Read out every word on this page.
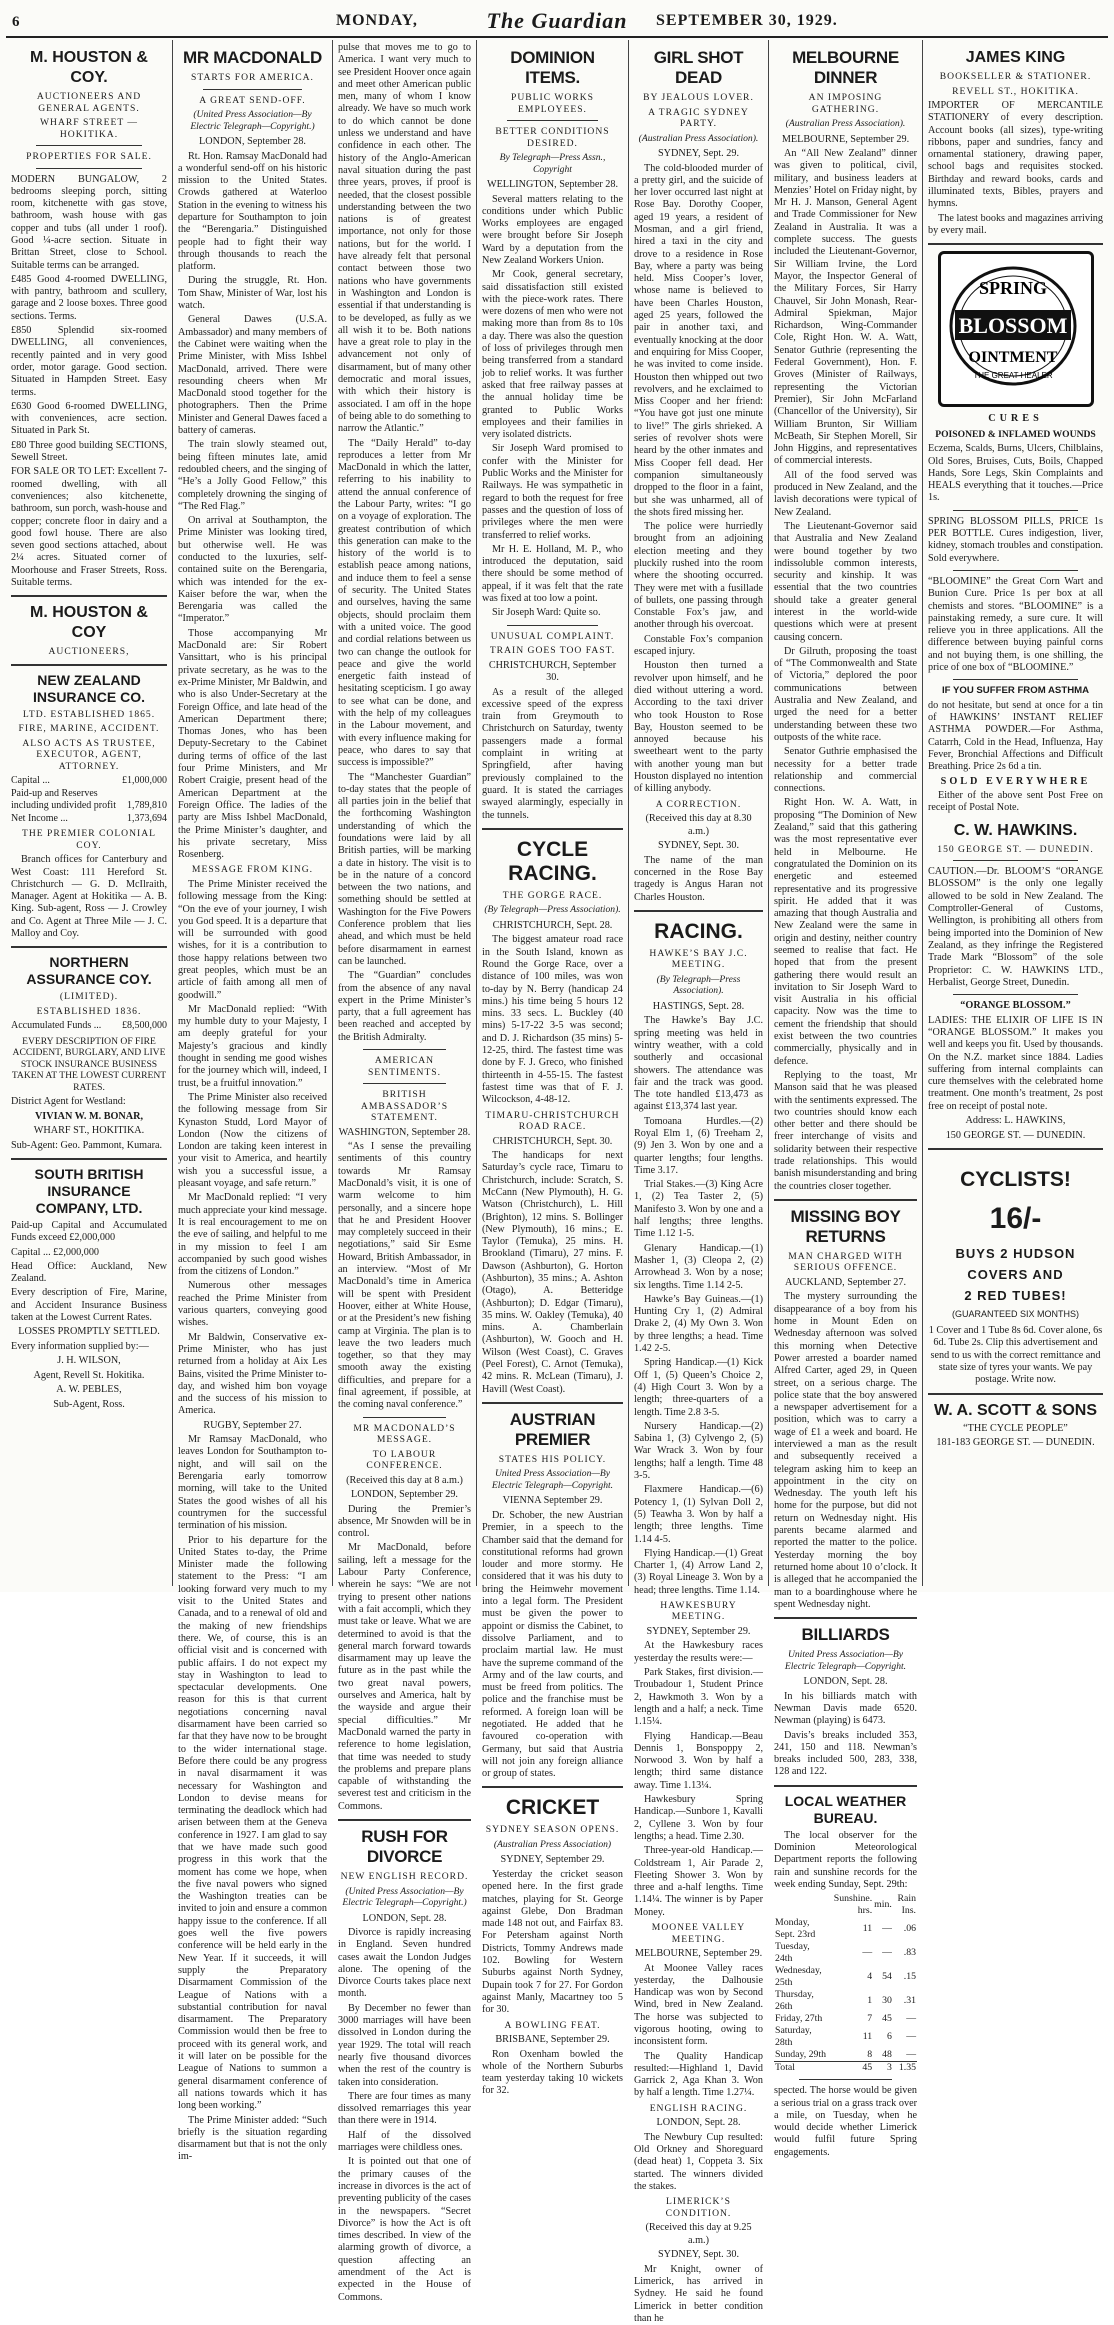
6	MONDAY,	The Guardian	SEPTEMBER 30, 1929.
M. HOUSTON & COY.
AUCTIONEERS AND GENERAL AGENTS.
WHARF STREET — HOKITIKA.
PROPERTIES FOR SALE.

MODERN BUNGALOW, 2 bedrooms sleeping porch, sitting room, kitchenette with gas stove, bathroom, wash house with gas copper and tubs (all under 1 roof). Good ¼-acre section. Situate in Brittan Street, close to School. Suitable terms can be arranged.

£485 Good 4-roomed DWELLING, with pantry, bathroom and scullery, garage and 2 loose boxes. Three good sections. Terms.

£850 Splendid six-roomed DWELLING, all conveniences, recently painted and in very good order, motor garage. Good section. Situated in Hampden Street. Easy terms.

£630 Good 6-roomed DWELLING, with conveniences, acre section. Situated in Park St.

£80 Three good building SECTIONS, Sewell Street.

FOR SALE OR TO LET: Excellent 7-roomed dwelling, with all conveniences; also kitchenette, bathroom, sun porch, wash-house and copper; concrete floor in dairy and a good fowl house. There are also seven good sections attached, about 2¼ acres. Situated corner of Moorhouse and Fraser Streets, Ross. Suitable terms.

M. HOUSTON & COY
AUCTIONEERS,
NEW ZEALAND INSURANCE CO.
LTD. ESTABLISHED 1865.
FIRE, MARINE, ACCIDENT.
ALSO ACTS AS TRUSTEE, EXECUTOR, AGENT, ATTORNEY.
Capital ...	£1,000,000
Paid-up and Reserves including undivided profit	1,789,810
Net Income ...	1,373,694
THE PREMIER COLONIAL COY.

Branch offices for Canterbury and West Coast: 111 Hereford St. Christchurch — G. D. McIlraith, Manager. Agent at Hokitika — A. B. King. Sub-agent, Ross — J. Crowley and Co. Agent at Three Mile — J. C. Malloy and Coy.

NORTHERN ASSURANCE COY.
(LIMITED).
ESTABLISHED 1836.
Accumulated Funds ... £8,500,000
EVERY DESCRIPTION OF FIRE ACCIDENT, BURGLARY, AND LIVE STOCK INSURANCE BUSINESS TAKEN AT THE LOWEST CURRENT RATES.

District Agent for Westland:

VIVIAN W. M. BONAR,
WHARF ST., HOKITIKA.

Sub-Agent: Geo. Pammont, Kumara.

SOUTH BRITISH INSURANCE COMPANY, LTD.

Paid-up Capital and Accumulated Funds exceed £2,000,000

Capital ... £2,000,000

Head Office: Auckland, New Zealand.

Every description of Fire, Marine, and Accident Insurance Business taken at the Lowest Current Rates.

LOSSES PROMPTLY SETTLED.

Every information supplied by:—

J. H. WILSON,
Agent, Revell St. Hokitika.
A. W. PEBLES,
Sub-Agent, Ross.
MR MACDONALD
STARTS FOR AMERICA.
A GREAT SEND-OFF.
(United Press Association—By Electric Telegraph—Copyright.)
LONDON, September 28.

Rt. Hon. Ramsay MacDonald had a wonderful send-off on his historic mission to the United States. Crowds gathered at Waterloo Station in the evening to witness his departure for Southampton to join the “Berengaria.” Distinguished people had to fight their way through thousands to reach the platform.

During the struggle, Rt. Hon. Tom Shaw, Minister of War, lost his watch.

General Dawes (U.S.A. Ambassador) and many members of the Cabinet were waiting when the Prime Minister, with Miss Ishbel MacDonald, arrived. There were resounding cheers when Mr MacDonald stood together for the photographers. Then the Prime Minister and General Dawes faced a battery of cameras.

The train slowly steamed out, being fifteen minutes late, amid redoubled cheers, and the singing of “He’s a Jolly Good Fellow,” this completely drowning the singing of “The Red Flag.”

On arrival at Southampton, the Prime Minister was looking tired, but otherwise well. He was conducted to the luxuries, self-contained suite on the Berengaria, which was intended for the ex-Kaiser before the war, when the Berengaria was called the “Imperator.”

Those accompanying Mr MacDonald are: Sir Robert Vansittart, who is his principal private secretary, as he was to the ex-Prime Minister, Mr Baldwin, and who is also Under-Secretary at the Foreign Office, and late head of the American Department there; Thomas Jones, who has been Deputy-Secretary to the Cabinet during terms of office of the last four Prime Ministers, and Mr Robert Craigie, present head of the American Department at the Foreign Office. The ladies of the party are Miss Ishbel MacDonald, the Prime Minister’s daughter, and his private secretary, Miss Rosenberg.

MESSAGE FROM KING.

The Prime Minister received the following message from the King: “On the eve of your journey, I wish you God speed. It is a departure that will be surrounded with good wishes, for it is a contribution to those happy relations between two great peoples, which must be an article of faith among all men of goodwill.”

Mr MacDonald replied: “With my humble duty to your Majesty, I am deeply grateful for your Majesty’s gracious and kindly thought in sending me good wishes for the journey which will, indeed, I trust, be a fruitful innovation.”

The Prime Minister also received the following message from Sir Kynaston Studd, Lord Mayor of London (Now the citizens of London are taking keen interest in your visit to America, and heartily wish you a successful issue, a pleasant voyage, and safe return.”

Mr MacDonald replied: “I very much appreciate your kind message. It is real encouragement to me on the eve of sailing, and helpful to me in my mission to feel I am accompanied by such good wishes from the citizens of London.”

Numerous other messages reached the Prime Minister from various quarters, conveying good wishes.

Mr Baldwin, Conservative ex-Prime Minister, who has just returned from a holiday at Aix Les Bains, visited the Prime Minister to-day, and wished him bon voyage and the success of his mission to America.

RUGBY, September 27.

Mr Ramsay MacDonald, who leaves London for Southampton to-night, and will sail on the Berengaria early tomorrow morning, will take to the United States the good wishes of all his countrymen for the successful termination of his mission.

Prior to his departure for the United States to-day, the Prime Minister made the following statement to the Press: “I am looking forward very much to my visit to the United States and Canada, and to a renewal of old and the making of new friendships there. We, of course, this is an official visit and is concerned with public affairs. I do not expect my stay in Washington to lead to spectacular developments. One reason for this is that current negotiations concerning naval disarmament have been carried so far that they have now to be brought to the wider international stage. Before there could be any progress in naval disarmament it was necessary for Washington and London to devise means for terminating the deadlock which had arisen between them at the Geneva conference in 1927. I am glad to say that we have made such good progress in this work that the moment has come we hope, when the five naval powers who signed the Washington treaties can be invited to join and ensure a common happy issue to the conference. If all goes well the five powers conference will be held early in the New Year. If it succeeds, it will supply the Preparatory Disarmament Commission of the League of Nations with a substantial contribution for naval disarmament. The Preparatory Commission would then be free to proceed with its general work, and it will later on be possible for the League of Nations to summon a general disarmament conference of all nations towards which it has long been working.”

The Prime Minister added: “Such briefly is the situation regarding disarmament but that is not the only im-

pulse that moves me to go to America. I want very much to see President Hoover once again and meet other American public men, many of whom I know already. We have so much work to do which cannot be done unless we understand and have confidence in each other. The history of the Anglo-American naval situation during the past three years, proves, if proof is needed, that the closest possible understanding between the two nations is of greatest importance, not only for those nations, but for the world. I have already felt that personal contact between those two nations who have governments in Washington and London is essential if that understanding is to be developed, as fully as we all wish it to be. Both nations have a great role to play in the advancement not only of disarmament, but of many other democratic and moral issues, with which their history is associated. I am off in the hope of being able to do something to narrow the Atlantic.”

The “Daily Herald” to-day reproduces a letter from Mr MacDonald in which the latter, referring to his inability to attend the annual conference of the Labour Party, writes: “I go on a voyage of exploration. The greatest contribution of which this generation can make to the history of the world is to establish peace among nations, and induce them to feel a sense of security. The United States and ourselves, having the same objects, should proclaim them with a united voice. The good and cordial relations between us two can change the outlook for peace and give the world energetic faith instead of hesitating scepticism. I go away to see what can be done, and with the help of my colleagues in the Labour movement, and with every influence making for peace, who dares to say that success is impossible?”

The “Manchester Guardian” to-day states that the people of all parties join in the belief that the forthcoming Washington understanding of which the foundations were laid by all British parties, will be marking a date in history. The visit is to be in the nature of a concord between the two nations, and something should be settled at Washington for the Five Powers Conference problem that lies ahead, and which must be held before disarmament in earnest can be launched.

The “Guardian” concludes from the absence of any naval expert in the Prime Minister’s party, that a full agreement has been reached and accepted by the British Admiralty.

AMERICAN SENTIMENTS.
BRITISH AMBASSADOR’S STATEMENT.
WASHINGTON, September 28.

“As I sense the prevailing sentiments of this country towards Mr Ramsay MacDonald’s visit, it is one of warm welcome to him personally, and a sincere hope that he and President Hoover may completely succeed in their negotiations,” said Sir Esme Howard, British Ambassador, in an interview. “Most of Mr MacDonald’s time in America will be spent with President Hoover, either at White House, or at the President’s new fishing camp at Virginia. The plan is to leave the two leaders much together, so that they may smooth away the existing difficulties, and prepare for a final agreement, if possible, at the coming naval conference.”

MR MACDONALD’S MESSAGE.
TO LABOUR CONFERENCE.
(Received this day at 8 a.m.)
LONDON, September 29.

During the Premier’s absence, Mr Snowden will be in control.

Mr MacDonald, before sailing, left a message for the Labour Party Conference, wherein he says: “We are not trying to present other nations with a fait accompli, which they must take or leave. What we are determined to avoid is that the general march forward towards disarmament may up leave the future as in the past while the two great naval powers, ourselves and America, halt by the wayside and argue their special difficulties.” Mr MacDonald warned the party in reference to home legislation, that time was needed to study the problems and prepare plans capable of withstanding the severest test and criticism in the Commons.

RUSH FOR DIVORCE
NEW ENGLISH RECORD.
(United Press Association—By Electric Telegraph—Copyright.)
LONDON, Sept. 28.

Divorce is rapidly increasing in England. Seven hundred cases await the London Judges alone. The opening of the Divorce Courts takes place next month.

By December no fewer than 3000 marriages will have been dissolved in London during the year 1929. The total will reach nearly five thousand divorces when the rest of the country is taken into consideration.

There are four times as many dissolved remarriages this year than there were in 1914.

Half of the dissolved marriages were childless ones.

It is pointed out that one of the primary causes of the increase in divorces is the act of preventing publicity of the cases in the newspapers. “Secret Divorce” is how the Act is oft times described. In view of the alarming growth of divorce, a question affecting an amendment of the Act is expected in the House of Commons.

DOMINION ITEMS.
PUBLIC WORKS EMPLOYEES.
BETTER CONDITIONS DESIRED.
By Telegraph—Press Assn., Copyright
WELLINGTON, September 28.

Several matters relating to the conditions under which Public Works employees are engaged were brought before Sir Joseph Ward by a deputation from the New Zealand Workers Union.

Mr Cook, general secretary, said dissatisfaction still existed with the piece-work rates. There were dozens of men who were not making more than from 8s to 10s a day. There was also the question of loss of privileges through men being transferred from a standard job to relief works. It was further asked that free railway passes at the annual holiday time be granted to Public Works employees and their families in very isolated districts.

Sir Joseph Ward promised to confer with the Minister for Public Works and the Minister for Railways. He was sympathetic in regard to both the request for free passes and the question of loss of privileges where the men were transferred to relief works.

Mr H. E. Holland, M. P., who introduced the deputation, said there should be some method of appeal, if it was felt that the rate was fixed at too low a point.

Sir Joseph Ward: Quite so.

UNUSUAL COMPLAINT.
TRAIN GOES TOO FAST.
CHRISTCHURCH, September 30.

As a result of the alleged excessive speed of the express train from Greymouth to Christchurch on Saturday, twenty passengers made a formal complaint in writing at Springfield, after having previously complained to the guard. It is stated the carriages swayed alarmingly, especially in the tunnels.

CYCLE RACING.
THE GORGE RACE.
(By Telegraph—Press Association).
CHRISTCHURCH, Sept. 28.

The biggest amateur road race in the South Island, known as Round the Gorge Race, over a distance of 100 miles, was won to-day by N. Berry (handicap 24 mins.) his time being 5 hours 12 mins. 33 secs. L. Buckley (40 mins) 5-17-22 3-5 was second; and D. J. Richardson (35 mins) 5-12-25, third. The fastest time was done by F. J. Greco, who finished thirteenth in 4-55-15. The fastest fastest time was that of F. J. Wilcockson, 4-48-12.

TIMARU-CHRISTCHURCH ROAD RACE.
CHRISTCHURCH, Sept. 30.

The handicaps for next Saturday’s cycle race, Timaru to Christchurch, include: Scratch, S. McCann (New Plymouth), H. G. Watson (Christchurch), L. Hill (Brighton), 12 mins. S. Bollinger (New Plymouth), 16 mins.; E. Taylor (Temuka), 25 mins. H. Brookland (Timaru), 27 mins. F. Dawson (Ashburton), G. Horton (Ashburton), 35 mins.; A. Ashton (Otago), A. Betteridge (Ashburton); D. Edgar (Timaru), 35 mins. W. Oakley (Temuka), 40 mins. A. Chamberlain (Ashburton), W. Gooch and H. Wilson (West Coast), C. Graves (Peel Forest), C. Arnot (Temuka), 42 mins. R. McLean (Timaru), J. Havill (West Coast).

AUSTRIAN PREMIER
STATES HIS POLICY.
United Press Association—By Electric Telegraph—Copyright.
VIENNA September 29.

Dr. Schober, the new Austrian Premier, in a speech to the Chamber said that the demand for constitutional reforms had grown louder and more stormy. He considered that it was his duty to bring the Heimwehr movement into a legal form. The President must be given the power to appoint or dismiss the Cabinet, to dissolve Parliament, and to proclaim martial law. He must have the supreme command of the Army and of the law courts, and must be freed from politics. The police and the franchise must be reformed. A foreign loan will be negotiated. He added that he favoured co-operation with Germany, but said that Austria will not join any foreign alliance or group of states.

CRICKET
SYDNEY SEASON OPENS.
(Australian Press Association)
SYDNEY, September 29.

Yesterday the cricket season opened here. In the first grade matches, playing for St. George against Glebe, Don Bradman made 148 not out, and Fairfax 83. For Petersham against North Districts, Tommy Andrews made 102. Bowling for Western Suburbs against North Sydney, Dupain took 7 for 27. For Gordon against Manly, Macartney too 5 for 30.

A BOWLING FEAT.
BRISBANE, September 29.

Ron Oxenham bowled the whole of the Northern Suburbs team yesterday taking 10 wickets for 32.

GIRL SHOT DEAD
BY JEALOUS LOVER.
A TRAGIC SYDNEY PARTY.
(Australian Press Association).
SYDNEY, Sept. 29.

The cold-blooded murder of a pretty girl, and the suicide of her lover occurred last night at Rose Bay. Dorothy Cooper, aged 19 years, a resident of Mosman, and a girl friend, hired a taxi in the city and drove to a residence in Rose Bay, where a party was being held. Miss Cooper’s lover, whose name is believed to have been Charles Houston, aged 25 years, followed the pair in another taxi, and eventually knocking at the door and enquiring for Miss Cooper, he was invited to come inside. Houston then whipped out two revolvers, and he exclaimed to Miss Cooper and her friend: “You have got just one minute to live!” The girls shrieked. A series of revolver shots were heard by the other inmates and Miss Cooper fell dead. Her companion simultaneously dropped to the floor in a faint, but she was unharmed, all of the shots fired missing her.

The police were hurriedly brought from an adjoining election meeting and they pluckily rushed into the room where the shooting occurred. They were met with a fusillade of bullets, one passing through Constable Fox’s jaw, and another through his overcoat.

Constable Fox’s companion escaped injury.

Houston then turned a revolver upon himself, and he died without uttering a word. According to the taxi driver who took Houston to Rose Bay, Houston seemed to be annoyed because his sweetheart went to the party with another young man but Houston displayed no intention of killing anybody.

A CORRECTION.
(Received this day at 8.30 a.m.)
SYDNEY, Sept. 30.

The name of the man concerned in the Rose Bay tragedy is Angus Haran not Charles Houston.

RACING.
HAWKE’S BAY J.C. MEETING.
(By Telegraph—Press Association).
HASTINGS, Sept. 28.

The Hawke’s Bay J.C. spring meeting was held in wintry weather, with a cold southerly and occasional showers. The attendance was fair and the track was good. The tote handled £13,473 as against £13,374 last year.

Tomoana Hurdles.—(2) Royal Elm 1, (6) Treeham 2, (9) Jen 3. Won by one and a quarter lengths; four lengths. Time 3.17.

Trial Stakes.—(3) King Acre 1, (2) Tea Taster 2, (5) Manifesto 3. Won by one and a half lengths; three lengths. Time 1.12 1-5.

Glenary Handicap.—(1) Masher 1, (3) Cleopa 2, (2) Arrowhead 3. Won by a nose; six lengths. Time 1.14 2-5.

Hawke’s Bay Guineas.—(1) Hunting Cry 1, (2) Admiral Drake 2, (4) My Own 3. Won by three lengths; a head. Time 1.42 2-5.

Spring Handicap.—(1) Kick Off 1, (5) Queen’s Choice 2, (4) High Court 3. Won by a length; three-quarters of a length. Time 2.8 3-5.

Nursery Handicap.—(2) Sabina 1, (3) Cylvengo 2, (5) War Wrack 3. Won by four lengths; half a length. Time 48 3-5.

Flaxmere Handicap.—(6) Potency 1, (1) Sylvan Doll 2, (5) Teawha 3. Won by half a length; three lengths. Time 1.14 4-5.

Flying Handicap.—(1) Great Charter 1, (4) Arrow Land 2, (3) Royal Lineage 3. Won by a head; three lengths. Time 1.14.

HAWKESBURY MEETING.
SYDNEY, September 29.

At the Hawkesbury races yesterday the results were:—

Park Stakes, first division.—Troubadour 1, Student Prince 2, Hawkmoth 3. Won by a length and a half; a neck. Time 1.15¼.

Flying Handicap.—Beau Dennis 1, Bonspoppy 2, Norwood 3. Won by half a length; third same distance away. Time 1.13¼.

Hawkesbury Spring Handicap.—Sunbore 1, Kavalli 2, Cyllene 3. Won by four lengths; a head. Time 2.30.

Three-year-old Handicap.—Coldstream 1, Air Parade 2, Fleeting Shower 3. Won by three and a-half lengths. Time 1.14¼. The winner is by Paper Money.

MOONEE VALLEY MEETING.
MELBOURNE, September 29.

At Moonee Valley races yesterday, the Dalhousie Handicap was won by Second Wind, bred in New Zealand. The horse was subjected to vigorous hooting, owing to inconsistent form.

The Quality Handicap resulted:—Highland 1, David Garrick 2, Aga Khan 3. Won by half a length. Time 1.27¼.

ENGLISH RACING.
LONDON, Sept. 28.

The Newbury Cup resulted: Old Orkney and Shoreguard (dead heat) 1, Coppeta 3. Six started. The winners divided the stakes.

LIMERICK’S CONDITION.
(Received this day at 9.25 a.m.)
SYDNEY, Sept. 30.

Mr Knight, owner of Limerick, has arrived in Sydney. He said he found Limerick in better condition than he

MELBOURNE DINNER
AN IMPOSING GATHERING.
(Australian Press Association).
MELBOURNE, September 29.

An “All New Zealand” dinner was given to political, civil, military, and business leaders at Menzies’ Hotel on Friday night, by Mr H. J. Manson, General Agent and Trade Commissioner for New Zealand in Australia. It was a complete success. The guests included the Lieutenant-Governor, Sir William Irvine, the Lord Mayor, the Inspector General of the Military Forces, Sir Harry Chauvel, Sir John Monash, Rear-Admiral Spiekman, Major Richardson, Wing-Commander Cole, Right Hon. W. A. Watt, Senator Guthrie (representing the Federal Government), Hon. F. Groves (Minister of Railways, representing the Victorian Premier), Sir John McFarland (Chancellor of the University), Sir William Brunton, Sir William McBeath, Sir Stephen Morell, Sir John Higgins, and representatives of commercial interests.

All of the food served was produced in New Zealand, and the lavish decorations were typical of New Zealand.

The Lieutenant-Governor said that Australia and New Zealand were bound together by two indissoluble common interests, security and kinship. It was essential that the two countries should take a greater general interest in the world-wide questions which were at present causing concern.

Dr Gilruth, proposing the toast of “The Commonwealth and State of Victoria,” deplored the poor communications between Australia and New Zealand, and urged the need for a better understanding between these two outposts of the white race.

Senator Guthrie emphasised the necessity for a better trade relationship and commercial connections.

Right Hon. W. A. Watt, in proposing “The Dominion of New Zealand,” said that this gathering was the most representative ever held in Melbourne. He congratulated the Dominion on its energetic and esteemed representative and its progressive spirit. He added that it was amazing that though Australia and New Zealand were the same in origin and destiny, neither country seemed to realise that fact. He hoped that from the present gathering there would result an invitation to Sir Joseph Ward to visit Australia in his official capacity. Now was the time to cement the friendship that should exist between the two countries commercially, physically and in defence.

Replying to the toast, Mr Manson said that he was pleased with the sentiments expressed. The two countries should know each other better and there should be freer interchange of visits and solidarity between their respective trade relationships. This would banish misunderstanding and bring the countries closer together.

MISSING BOY RETURNS
MAN CHARGED WITH SERIOUS OFFENCE.
AUCKLAND, September 27.

The mystery surrounding the disappearance of a boy from his home in Mount Eden on Wednesday afternoon was solved this morning when Detective Power arrested a boarder named Alfred Carter, aged 29, in Queen street, on a serious charge. The police state that the boy answered a newspaper advertisement for a position, which was to carry a wage of £1 a week and board. He interviewed a man as the result and subsequently received a telegram asking him to keep an appointment in the city on Wednesday. The youth left his home for the purpose, but did not return on Wednesday night. His parents became alarmed and reported the matter to the police. Yesterday morning the boy returned home about 10 o’clock. It is alleged that he accompanied the man to a boardinghouse where he spent Wednesday night.

BILLIARDS
United Press Association—By Electric Telegraph—Copyright.
LONDON, Sept. 28.

In his billiards match with Newman Davis made 6520. Newman (playing) is 6473.

Davis’s breaks included 353, 241, 150 and 118. Newman’s breaks included 500, 283, 338, 128 and 122.

LOCAL WEATHER BUREAU.

The local observer for the Dominion Meteorological Department reports the following rain and sunshine records for the week ending Sunday, Sept. 29th:

	Sunshine. hrs.	min.	Rain Ins.
Monday, Sept. 23rd	11	—	.06
Tuesday, 24th	—	—	.83
Wednesday, 25th	4	54	.15
Thursday, 26th	1	30	.31
Friday, 27th	7	45	—
Saturday, 28th	11	6	—
Sunday, 29th	8	48	—
Total	45	3	1.35

spected. The horse would be given a serious trial on a grass track over a mile, on Tuesday, when he would decide whether Limerick would fulfil future Spring engagements.

JAMES KING
BOOKSELLER & STATIONER.
REVELL ST., HOKITIKA.

IMPORTER OF MERCANTILE STATIONERY of every description. Account books (all sizes), type-writing ribbons, paper and sundries, fancy and ornamental stationery, drawing paper, school bags and requisites stocked. Birthday and reward books, cards and illuminated texts, Bibles, prayers and hymns.

The latest books and magazines arriving by every mail.

SPRING
BLOSSOM
OINTMENT
THE GREAT HEALER
CURES
POISONED & INFLAMED WOUNDS

Eczema, Scalds, Burns, Ulcers, Chilblains, Old Sores, Bruises, Cuts, Boils, Chapped Hands, Sore Legs, Skin Complaints and HEALS everything that it touches.—Price 1s.

SPRING BLOSSOM PILLS, PRICE 1s PER BOTTLE. Cures indigestion, liver, kidney, stomach troubles and constipation. Sold everywhere.

“BLOOMINE” the Great Corn Wart and Bunion Cure. Price 1s per box at all chemists and stores. “BLOOMINE” is a painstaking remedy, a sure cure. It will relieve you in three applications. All the difference between buying painful corns and not buying them, is one shilling, the price of one box of “BLOOMINE.”

IF YOU SUFFER FROM ASTHMA

do not hesitate, but send at once for a tin of HAWKINS’ INSTANT RELIEF ASTHMA POWDER.—For Asthma, Catarrh, Cold in the Head, Influenza, Hay Fever, Bronchial Affections and Difficult Breathing. Price 2s 6d a tin.

SOLD EVERYWHERE

Either of the above sent Post Free on receipt of Postal Note.

C. W. HAWKINS.
150 GEORGE ST. — DUNEDIN.

CAUTION.—Dr. BLOOM’S “ORANGE BLOSSOM” is the only one legally allowed to be sold in New Zealand. The Comptroller-General of Customs, Wellington, is prohibiting all others from being imported into the Dominion of New Zealand, as they infringe the Registered Trade Mark “Blossom” of the sole Proprietor: C. W. HAWKINS LTD., Herbalist, George Street, Dunedin.

“ORANGE BLOSSOM.”

LADIES: THE ELIXIR OF LIFE IS IN “ORANGE BLOSSOM.” It makes you well and keeps you fit. Used by thousands. On the N.Z. market since 1884. Ladies suffering from internal complaints can cure themselves with the celebrated home treatment. One month’s treatment, 2s post free on receipt of postal note.

Address: L. HAWKINS,
150 GEORGE ST. — DUNEDIN.
CYCLISTS!
16/-
BUYS 2 HUDSON
COVERS AND
2 RED TUBES!
(GUARANTEED SIX MONTHS)

1 Cover and 1 Tube 8s 6d. Cover alone, 6s 6d. Tube 2s. Clip this advertisement and send to us with the correct remittance and state size of tyres your wants. We pay postage. Write now.

W. A. SCOTT & SONS
“THE CYCLE PEOPLE”
181-183 GEORGE ST. — DUNEDIN.
